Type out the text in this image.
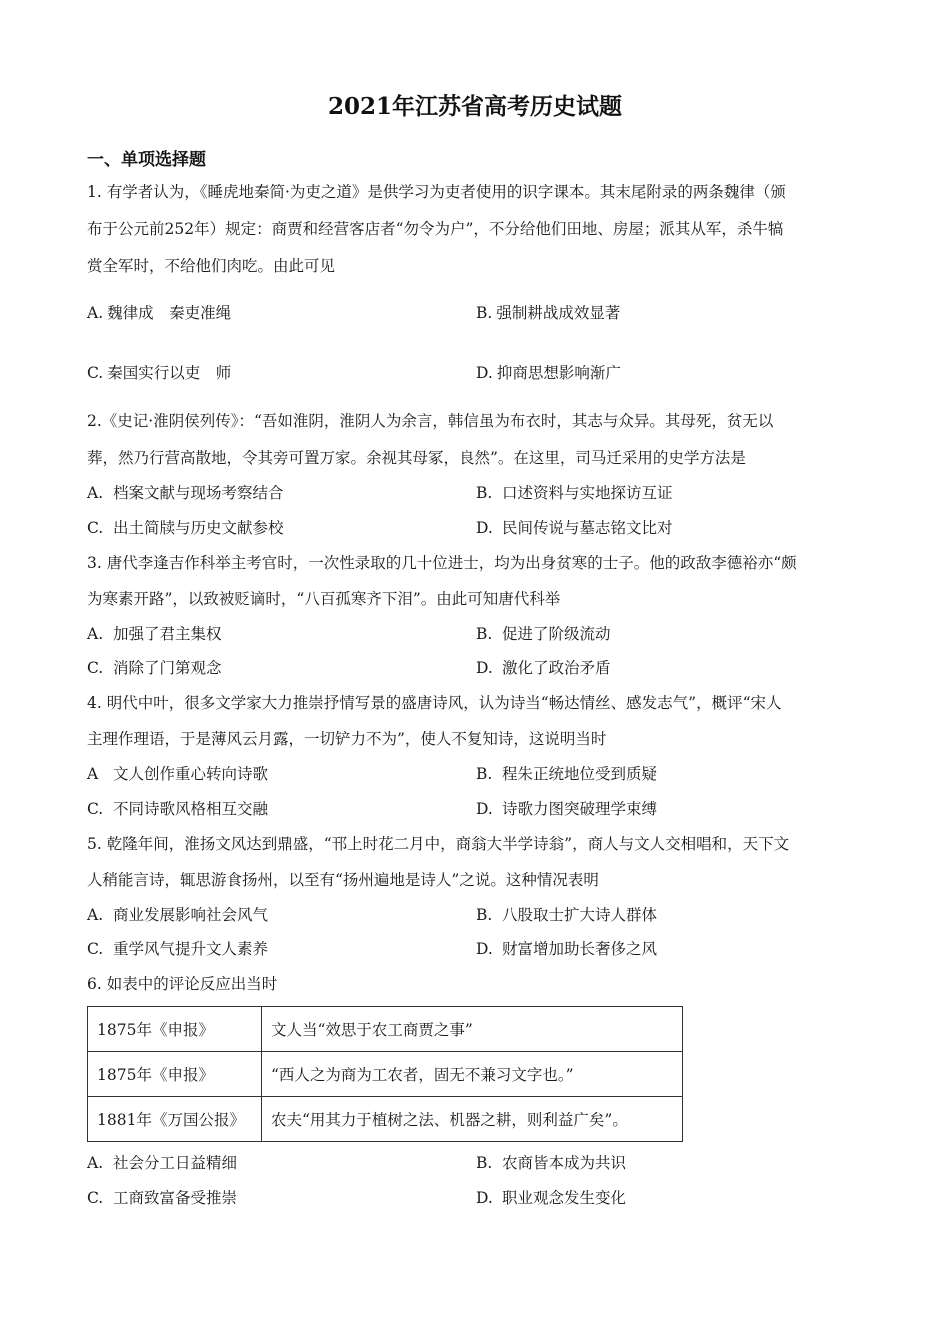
2021年江苏省高考历史试题
一、单项选择题
1. 有学者认为，《睡虎地秦简·为吏之道》是供学习为吏者使用的识字课本。其末尾附录的两条魏律（颁
布于公元前252年）规定：商贾和经营客店者“勿令为户”，不分给他们田地、房屋；派其从军，杀牛犒
赏全军时，不给他们肉吃。由此可见
A. 魏律成　秦吏准绳	B. 强制耕战成效显著
C. 秦国实行以吏　师	D. 抑商思想影响渐广
2.《史记·淮阴侯列传》：“吾如淮阴，淮阴人为余言，韩信虽为布衣时，其志与众异。其母死，贫无以
葬，然乃行营高散地，令其旁可置万家。余视其母冢，良然”。在这里，司马迁采用的史学方法是
A. 档案文献与现场考察结合	B. 口述资料与实地探访互证
C. 出土简牍与历史文献参校	D. 民间传说与墓志铭文比对
3. 唐代李逢吉作科举主考官时，一次性录取的几十位进士，均为出身贫寒的士子。他的政敌李德裕亦“颇
为寒素开路”，以致被贬谪时，“八百孤寒齐下泪”。由此可知唐代科举
A. 加强了君主集权	B. 促进了阶级流动
C. 消除了门第观念	D. 激化了政治矛盾
4. 明代中叶，很多文学家大力推崇抒情写景的盛唐诗风，认为诗当“畅达情丝、感发志气”，概评“宋人
主理作理语，于是薄风云月露，一切铲力不为”，使人不复知诗，这说明当时
A 文人创作重心转向诗歌	B. 程朱正统地位受到质疑
C. 不同诗歌风格相互交融	D. 诗歌力图突破理学束缚
5. 乾隆年间，淮扬文风达到鼎盛，“邗上时花二月中，商翁大半学诗翁”，商人与文人交相唱和，天下文
人稍能言诗，辄思游食扬州，以至有“扬州遍地是诗人”之说。这种情况表明
A. 商业发展影响社会风气	B. 八股取士扩大诗人群体
C. 重学风气提升文人素养	D. 财富增加助长奢侈之风
6. 如表中的评论反应出当时
1875年《申报》	文人当“效思于农工商贾之事”
1875年《申报》	“西人之为商为工农者，固无不兼习文字也。”
1881年《万国公报》	农夫“用其力于植树之法、机器之耕，则利益广矣”。
A. 社会分工日益精细	B. 农商皆本成为共识
C. 工商致富备受推崇	D. 职业观念发生变化
